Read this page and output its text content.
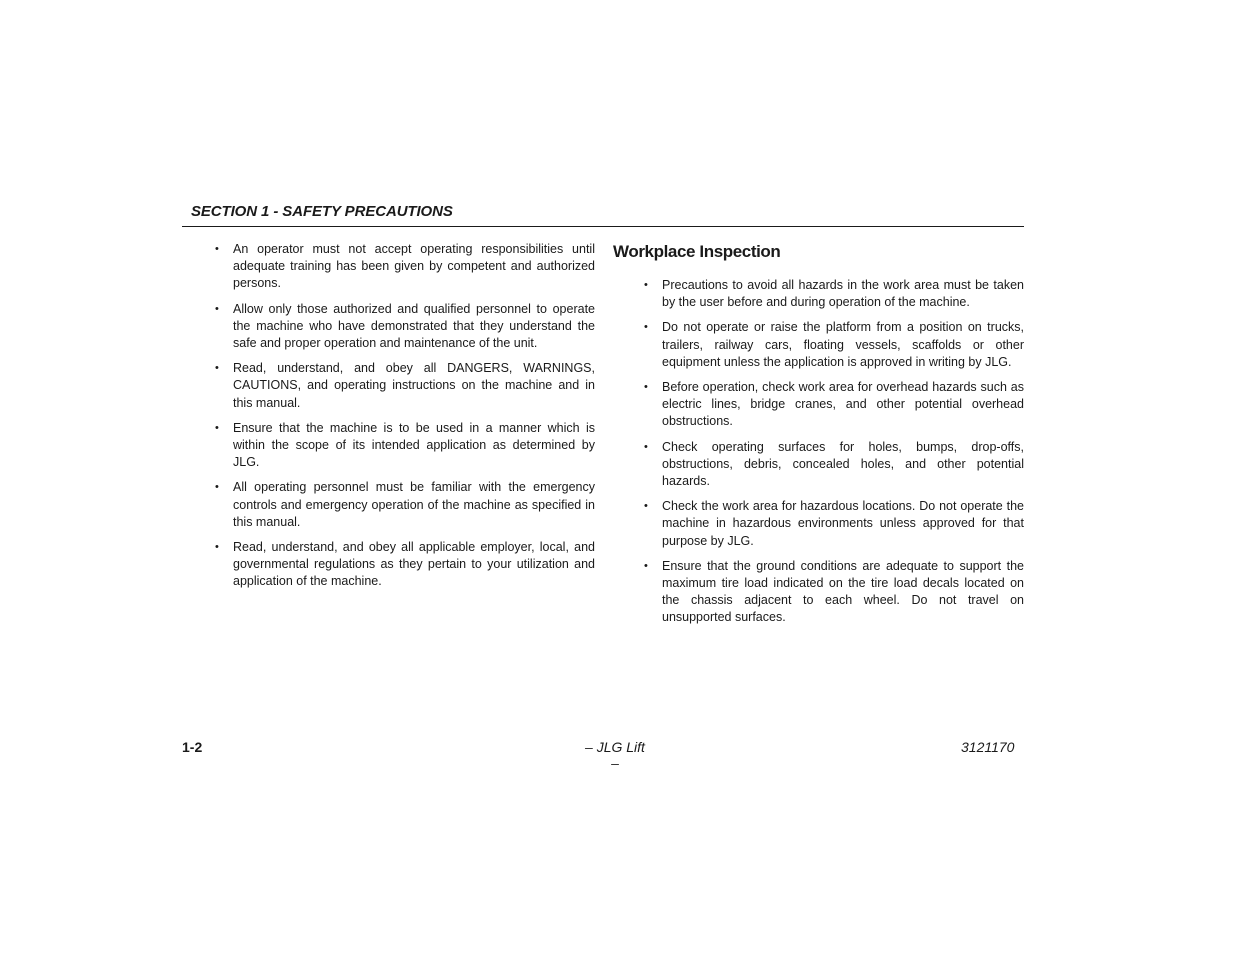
SECTION 1 - SAFETY PRECAUTIONS
•	An operator must not accept operating responsibilities until adequate training has been given by competent and authorized persons.
•	Allow only those authorized and qualified personnel to operate the machine who have demonstrated that they understand the safe and proper operation and maintenance of the unit.
•	Read, understand, and obey all DANGERS, WARNINGS, CAUTIONS, and operating instructions on the machine and in this manual.
•	Ensure that the machine is to be used in a manner which is within the scope of its intended application as determined by JLG.
•	All operating personnel must be familiar with the emergency controls and emergency operation of the machine as specified in this manual.
•	Read, understand, and obey all applicable employer, local, and governmental regulations as they pertain to your utilization and application of the machine.
Workplace Inspection
•	Precautions to avoid all hazards in the work area must be taken by the user before and during operation of the machine.
•	Do not operate or raise the platform from a position on trucks, trailers, railway cars, floating vessels, scaffolds or other equipment unless the application is approved in writing by JLG.
•	Before operation, check work area for overhead hazards such as electric lines, bridge cranes, and other potential overhead obstructions.
•	Check operating surfaces for holes, bumps, drop-offs, obstructions, debris, concealed holes, and other potential hazards.
•	Check the work area for hazardous locations. Do not operate the machine in hazardous environments unless approved for that purpose by JLG.
•	Ensure that the ground conditions are adequate to support the maximum tire load indicated on the tire load decals located on the chassis adjacent to each wheel. Do not travel on unsupported surfaces.

1-2	– JLG Lift –

3121170
